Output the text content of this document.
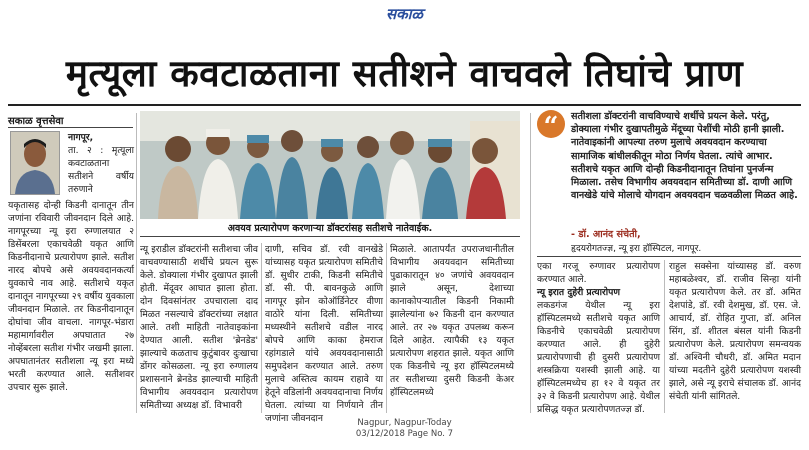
सकाळ
मृत्यूला कवटाळताना सतीशने वाचवले तिघांचे प्राण
सकाळ वृत्तसेवा
नागपूर,
ता. २ : मृत्यूला कवटाळताना सतीशने वर्षीय तरुणाने
यकृतासह दोन्ही किडनी दानातून तीन जणांना रविवारी जीवनदान दिले आहे. नागपूरच्या न्यू इरा रुग्णालयात २ डिसेंबरला एकाचवेळी यकृत आणि किडनीदानाचे प्रत्यारोपण झाले. सतीश नारद बोपचे असे अवयवदानकर्त्या युवकाचे नाव आहे. सतीशचे यकृत दानातून नागपूरच्या २९ वर्षीय युवकाला जीवनदान मिळाले. तर किडनीदानातून दोघांचा जीव वाचला. नागपूर-भंडारा महामार्गावरील अपघातात २७ नोव्हेंबरला सतीश गंभीर जखमी झाला. अपघातानंतर सतीशला न्यू इरा मध्ये भरती करण्यात आले. सतीशवर उपचार सुरू झाले.
अवयव प्रत्यारोपण करणाऱ्या डॉक्टरांसह सतीशचे नातेवाईक.
“	सतीशला डॉक्टरांनी वाचविण्याचे शर्थीचे प्रयत्न केले. परंतु, डोक्याला गंभीर दुखापतीमुळे मेंदूच्या पेशींची मोठी हानी झाली. नातेवाइकांनी आपल्या तरुण मुलाचे अवयवदान करण्याचा सामाजिक बांधीलकीतून मोठा निर्णय घेतला. त्यांचे आभार. सतीशचे यकृत आणि दोन्ही किडनीदानातून तिघांना पुनर्जन्म मिळाला. तसेच विभागीय अवयवदान समितीच्या डॉ. दाणी आणि वानखेडे यांचे मोलाचे योगदान अवयवदान चळवळीला मिळत आहे.
- डॉ. आनंद संचेती,
हृदयरोगतज्ज्ञ, न्यू इरा हॉस्पिटल, नागपूर.
न्यू इराडील डॉक्टरांनी सतीशचा जीव वाचवण्यासाठी शर्थीचे प्रयत्न सुरू केले. डोक्याला गंभीर दुखापत झाली होती. मेंदूवर आघात झाला होता. दोन दिवसांनंतर उपचाराला दाद मिळत नसल्याचे डॉक्टरांच्या लक्षात आले. तशी माहिती नातेवाइकांना देण्यात आली. सतीश 'ब्रेनडेड' झाल्याचे कळताच कुटुंबावर दुःखाचा डोंगर कोसळला. न्यू इरा रुग्णालय प्रशासनाने ब्रेनडेड झाल्याची माहिती विभागीय अवयवदान प्रत्यारोपण समितीच्या अध्यक्ष डॉ. विभावरी
दाणी, सचिव डॉ. रवी वानखेडे यांच्यासह यकृत प्रत्यारोपण समितीचे डॉ. सुधीर टाकी, किडनी समितीचे डॉ. सी. पी. बावनकुळे आणि नागपूर झोन कोऑर्डिनेटर वीणा वाठोरे यांना दिली. समितीच्या मध्यस्थीने सतीशचे वडील नारद बोपचे आणि काका हेमराज रहांगडाले यांचे अवयवदानासाठी समुपदेशन करण्यात आले. तरुण मुलाचे अस्तित्व कायम राहावे या हेतूने वडिलांनी अवयवदानाचा निर्णय घेतला. त्यांच्या या निर्णयाने तीन जणांना जीवनदान
मिळाले. आतापर्यंत उपराजधानीतील विभागीय अवयवदान समितीच्या पुढाकारातून ४० जणांचे अवयवदान झाले असून, देशाच्या कानाकोपऱ्यातील किडनी निकामी झालेल्यांना ७२ किडनी दान करण्यात आले. तर २७ यकृत उपलब्ध करून दिले आहेत. त्यापैकी १३ यकृत प्रत्यारोपण शहरात झाले. यकृत आणि एक किडनीचे न्यू इरा हॉस्पिटलमध्ये तर सतीशच्या दुसरी किडनी केअर हॉस्पिटलमध्ये
एका गरजू रुग्णावर प्रत्यारोपण करण्यात आले.
न्यू इरात दुहेरी प्रत्यारोपण
लकडगंज येथील न्यू इरा हॉस्पिटलमध्ये सतीशचे यकृत आणि किडनीचे एकाचवेळी प्रत्यारोपण करण्यात आले. ही दुहेरी प्रत्यारोपणाची ही दुसरी प्रत्यारोपण शस्त्रक्रिया यशस्वी झाली आहे. या हॉस्पिटलमध्येच हा १२ वे यकृत तर ३२ वे किडनी प्रत्यारोपण आहे. येथील प्रसिद्ध यकृत प्रत्यारोपणतज्ज्ञ डॉ.
राहुल सक्सेना यांच्यासह डॉ. वरुण महाबळेश्वर, डॉ. राजीव सिन्हा यांनी यकृत प्रत्यारोपण केले. तर डॉ. अमित देशपांडे, डॉ. रवी देशमुख, डॉ. एस. जे. आचार्य, डॉ. रोहित गुप्ता, डॉ. अनिल सिंग, डॉ. शीतल बंसल यांनी किडनी प्रत्यारोपण केले. प्रत्यारोपण समन्वयक डॉ. अश्विनी चौधरी, डॉ. अमित मदान यांच्या मदतीने दुहेरी प्रत्यारोपण यशस्वी झाले, असे न्यू इराचे संचालक डॉ. आनंद संचेती यांनी सांगितले.
Nagpur, Nagpur-Today
03/12/2018 Page No. 7
